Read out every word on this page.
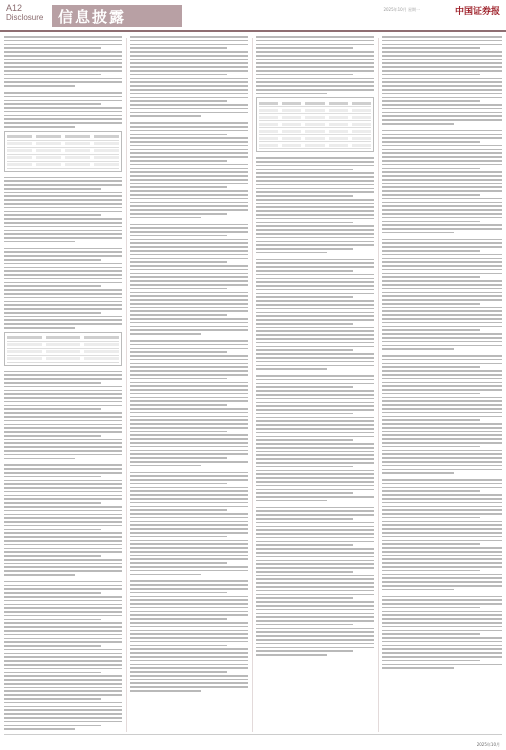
A12
Disclosure 信息披露	2025年10月 星期一	中国证券报
2025年10月
